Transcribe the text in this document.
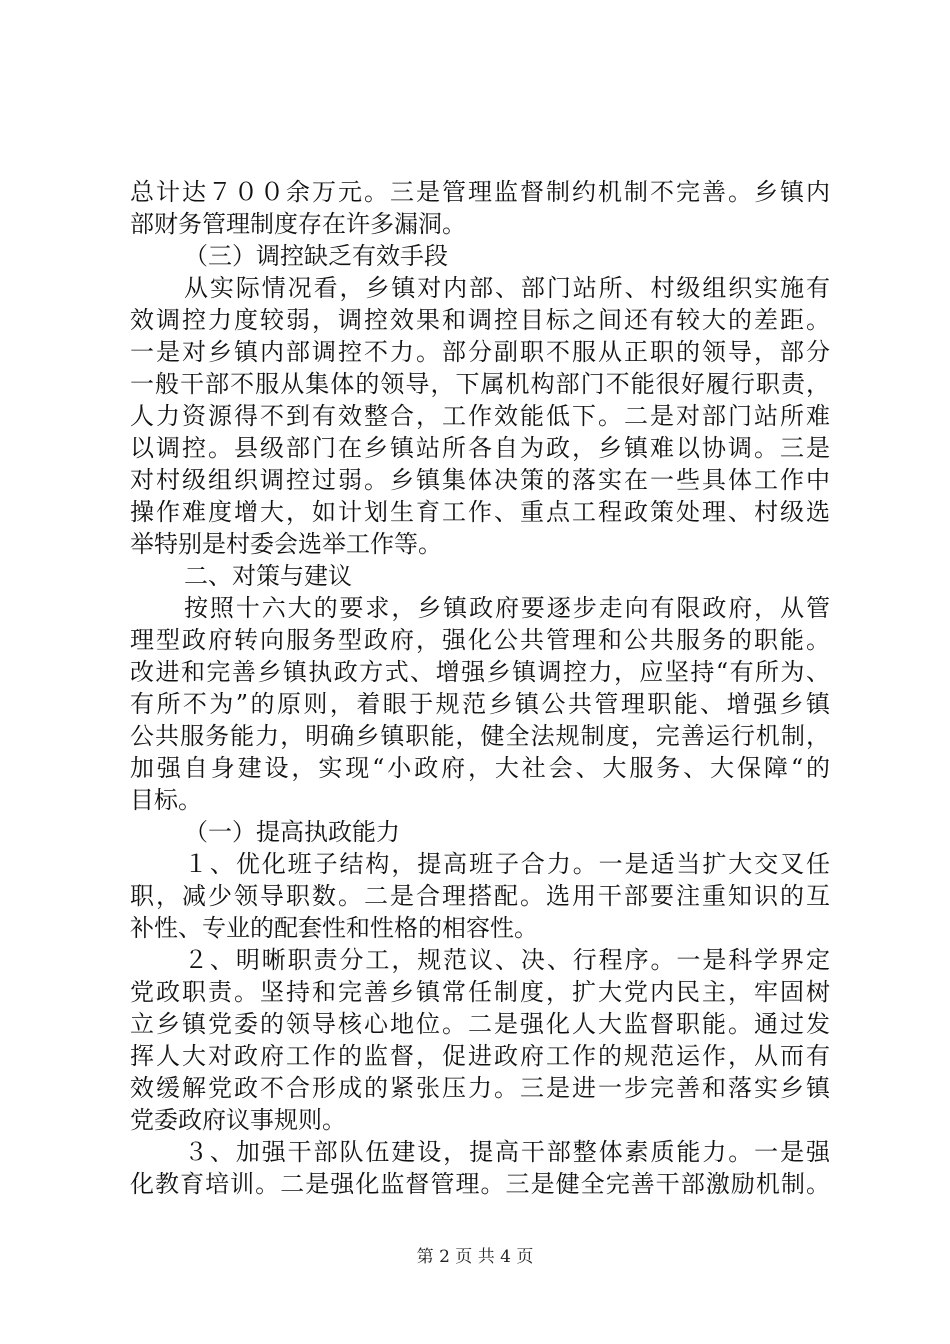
总计达７００余万元。三是管理监督制约机制不完善。乡镇内
部财务管理制度存在许多漏洞。
（三）调控缺乏有效手段
从实际情况看，乡镇对内部、部门站所、村级组织实施有
效调控力度较弱，调控效果和调控目标之间还有较大的差距。
一是对乡镇内部调控不力。部分副职不服从正职的领导，部分
一般干部不服从集体的领导，下属机构部门不能很好履行职责，
人力资源得不到有效整合，工作效能低下。二是对部门站所难
以调控。县级部门在乡镇站所各自为政，乡镇难以协调。三是
对村级组织调控过弱。乡镇集体决策的落实在一些具体工作中
操作难度增大，如计划生育工作、重点工程政策处理、村级选
举特别是村委会选举工作等。
二、对策与建议
按照十六大的要求，乡镇政府要逐步走向有限政府，从管
理型政府转向服务型政府，强化公共管理和公共服务的职能。
改进和完善乡镇执政方式、增强乡镇调控力，应坚持“有所为、
有所不为”的原则，着眼于规范乡镇公共管理职能、增强乡镇
公共服务能力，明确乡镇职能，健全法规制度，完善运行机制，
加强自身建设，实现“小政府，大社会、大服务、大保障“的
目标。
（一）提高执政能力
１、优化班子结构，提高班子合力。一是适当扩大交叉任
职，减少领导职数。二是合理搭配。选用干部要注重知识的互
补性、专业的配套性和性格的相容性。
２、明晰职责分工，规范议、决、行程序。一是科学界定
党政职责。坚持和完善乡镇常任制度，扩大党内民主，牢固树
立乡镇党委的领导核心地位。二是强化人大监督职能。通过发
挥人大对政府工作的监督，促进政府工作的规范运作，从而有
效缓解党政不合形成的紧张压力。三是进一步完善和落实乡镇
党委政府议事规则。
３、加强干部队伍建设，提高干部整体素质能力。一是强
化教育培训。二是强化监督管理。三是健全完善干部激励机制。
第 2 页 共 4 页
